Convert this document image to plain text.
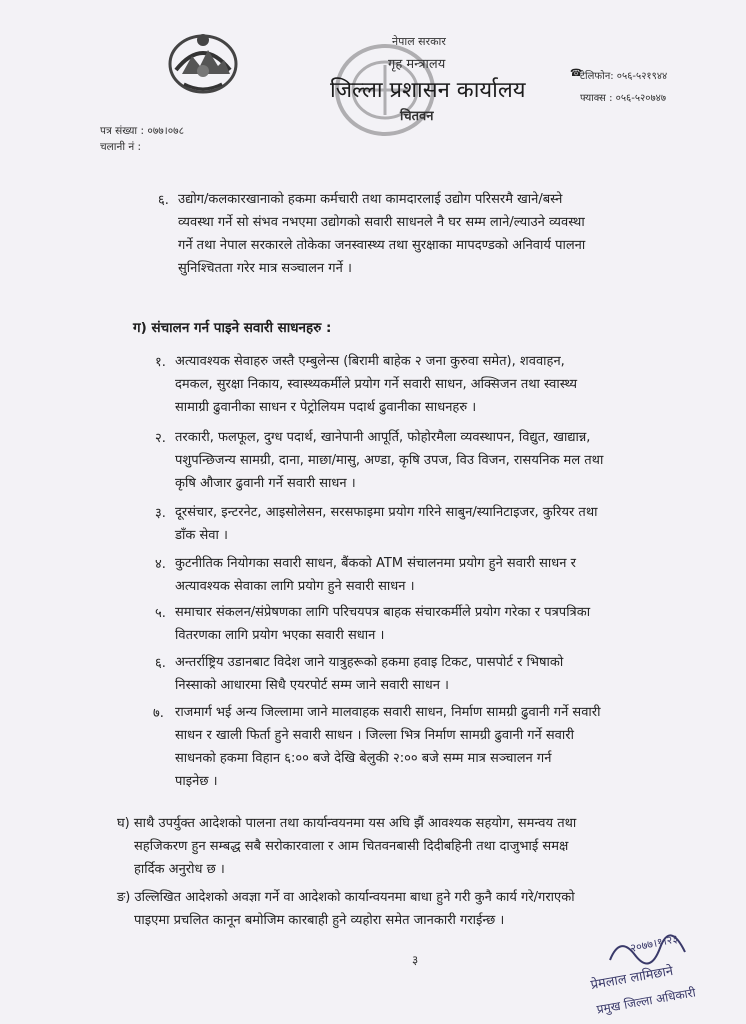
नेपाल सरकार
गृह मन्त्रालय
जिल्ला प्रशासन कार्यालय
चितवन
☎
टेलिफोन: ०५६-५२१९४४
फ्याक्स : ०५६-५२०७४७
पत्र संख्या : ०७७।०७८
चलानी नं :
६. उद्योग/कलकारखानाको हकमा कर्मचारी तथा कामदारलाई उद्योग परिसरमै खाने/बस्ने
व्यवस्था गर्ने सो संभव नभएमा उद्योगको सवारी साधनले नै घर सम्म लाने/ल्याउने व्यवस्था
गर्ने तथा नेपाल सरकारले तोकेका जनस्वास्थ्य तथा सुरक्षाका मापदण्डको अनिवार्य पालना
सुनिश्चितता गरेर मात्र सञ्चालन गर्ने ।
ग) संचालन गर्न पाइने सवारी साधनहरु :
१. अत्यावश्यक सेवाहरु जस्तै एम्बुलेन्स (बिरामी बाहेक २ जना कुरुवा समेत), शववाहन,
दमकल, सुरक्षा निकाय, स्वास्थ्यकर्मीले प्रयोग गर्ने सवारी साधन, अक्सिजन तथा स्वास्थ्य
सामाग्री ढुवानीका साधन र पेट्रोलियम पदार्थ ढुवानीका साधनहरु ।
२. तरकारी, फलफूल, दुग्ध पदार्थ, खानेपानी आपूर्ति, फोहोरमैला व्यवस्थापन, विद्युत, खाद्यान्न,
पशुपन्छिजन्य सामग्री, दाना, माछा/मासु, अण्डा, कृषि उपज, विउ विजन, रासयनिक मल तथा
कृषि औजार ढुवानी गर्ने सवारी साधन ।
३. दूरसंचार, इन्टरनेट, आइसोलेसन, सरसफाइमा प्रयोग गरिने साबुन/स्यानिटाइजर, कुरियर तथा
डाँक सेवा ।
४. कुटनीतिक नियोगका सवारी साधन, बैंकको ATM संचालनमा प्रयोग हुने सवारी साधन र
अत्यावश्यक सेवाका लागि प्रयोग हुने सवारी साधन ।
५. समाचार संकलन/संप्रेषणका लागि परिचयपत्र बाहक संचारकर्मीले प्रयोग गरेका र पत्रपत्रिका
वितरणका लागि प्रयोग भएका सवारी सधान ।
६. अन्तर्राष्ट्रिय उडानबाट विदेश जाने यात्रुहरूको हकमा हवाइ टिकट, पासपोर्ट र भिषाको
निस्साको आधारमा सिधै एयरपोर्ट सम्म जाने सवारी साधन ।
७. राजमार्ग भई अन्य जिल्लामा जाने मालवाहक सवारी साधन, निर्माण सामग्री ढुवानी गर्ने सवारी
साधन र खाली फिर्ता हुने सवारी साधन । जिल्ला भित्र निर्माण सामग्री ढुवानी गर्ने सवारी
साधनको हकमा विहान ६:०० बजे देखि बेलुकी २:०० बजे सम्म मात्र सञ्चालन गर्न
पाइनेछ ।
घ) साथै उपर्युक्त आदेशको पालना तथा कार्यान्वयनमा यस अघि झैं आवश्यक सहयोग, समन्वय तथा
सहजिकरण हुन सम्बद्ध सबै सरोकारवाला र आम चितवनबासी दिदीबहिनी तथा दाजुभाई समक्ष
हार्दिक अनुरोध छ ।
ङ) उल्लिखित आदेशको अवज्ञा गर्ने वा आदेशको कार्यान्वयनमा बाधा हुने गरी कुनै कार्य गरे/गराएको
पाइएमा प्रचलित कानून बमोजिम कारबाही हुने व्यहोरा समेत जानकारी गराईन्छ ।
३
२०७७।१।२३
प्रेमलाल लामिछाने
प्रमुख जिल्ला अधिकारी
